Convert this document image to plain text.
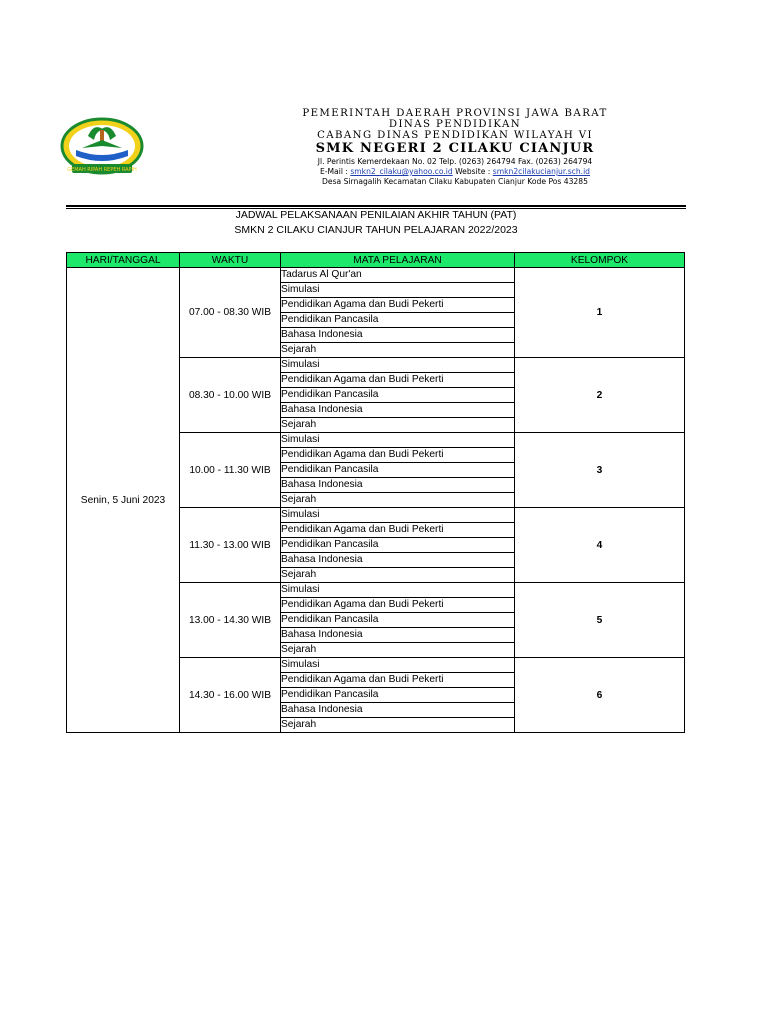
GEMAH RIPAH REPEH RAPIH
PEMERINTAH DAERAH PROVINSI JAWA BARAT
DINAS PENDIDIKAN
CABANG DINAS PENDIDIKAN WILAYAH VI
SMK NEGERI 2 CILAKU CIANJUR
Jl. Perintis Kemerdekaan No. 02 Telp. (0263) 264794 Fax. (0263) 264794
E-Mail : smkn2_cilaku@yahoo.co.id Website : smkn2cilakucianjur.sch.id
Desa Sirnagalih Kecamatan Cilaku Kabupaten Cianjur Kode Pos 43285
JADWAL PELAKSANAAN PENILAIAN AKHIR TAHUN (PAT)
SMKN 2 CILAKU CIANJUR TAHUN PELAJARAN 2022/2023
HARI/TANGGAL	WAKTU	MATA PELAJARAN	KELOMPOK
Senin, 5 Juni 2023	07.00 - 08.30 WIB	Tadarus Al Qur'an	1
		Simulasi	
		Pendidikan Agama dan Budi Pekerti	
		Pendidikan Pancasila	
		Bahasa Indonesia	
		Sejarah	
	08.30 - 10.00 WIB	Simulasi	2
		Pendidikan Agama dan Budi Pekerti	
		Pendidikan Pancasila	
		Bahasa Indonesia	
		Sejarah	
	10.00 - 11.30 WIB	Simulasi	3
		Pendidikan Agama dan Budi Pekerti	
		Pendidikan Pancasila	
		Bahasa Indonesia	
		Sejarah	
	11.30 - 13.00 WIB	Simulasi	4
		Pendidikan Agama dan Budi Pekerti	
		Pendidikan Pancasila	
		Bahasa Indonesia	
		Sejarah	
	13.00 - 14.30 WIB	Simulasi	5
		Pendidikan Agama dan Budi Pekerti	
		Pendidikan Pancasila	
		Bahasa Indonesia	
		Sejarah	
	14.30 - 16.00 WIB	Simulasi	6
		Pendidikan Agama dan Budi Pekerti	
		Pendidikan Pancasila	
		Bahasa Indonesia	
		Sejarah	
